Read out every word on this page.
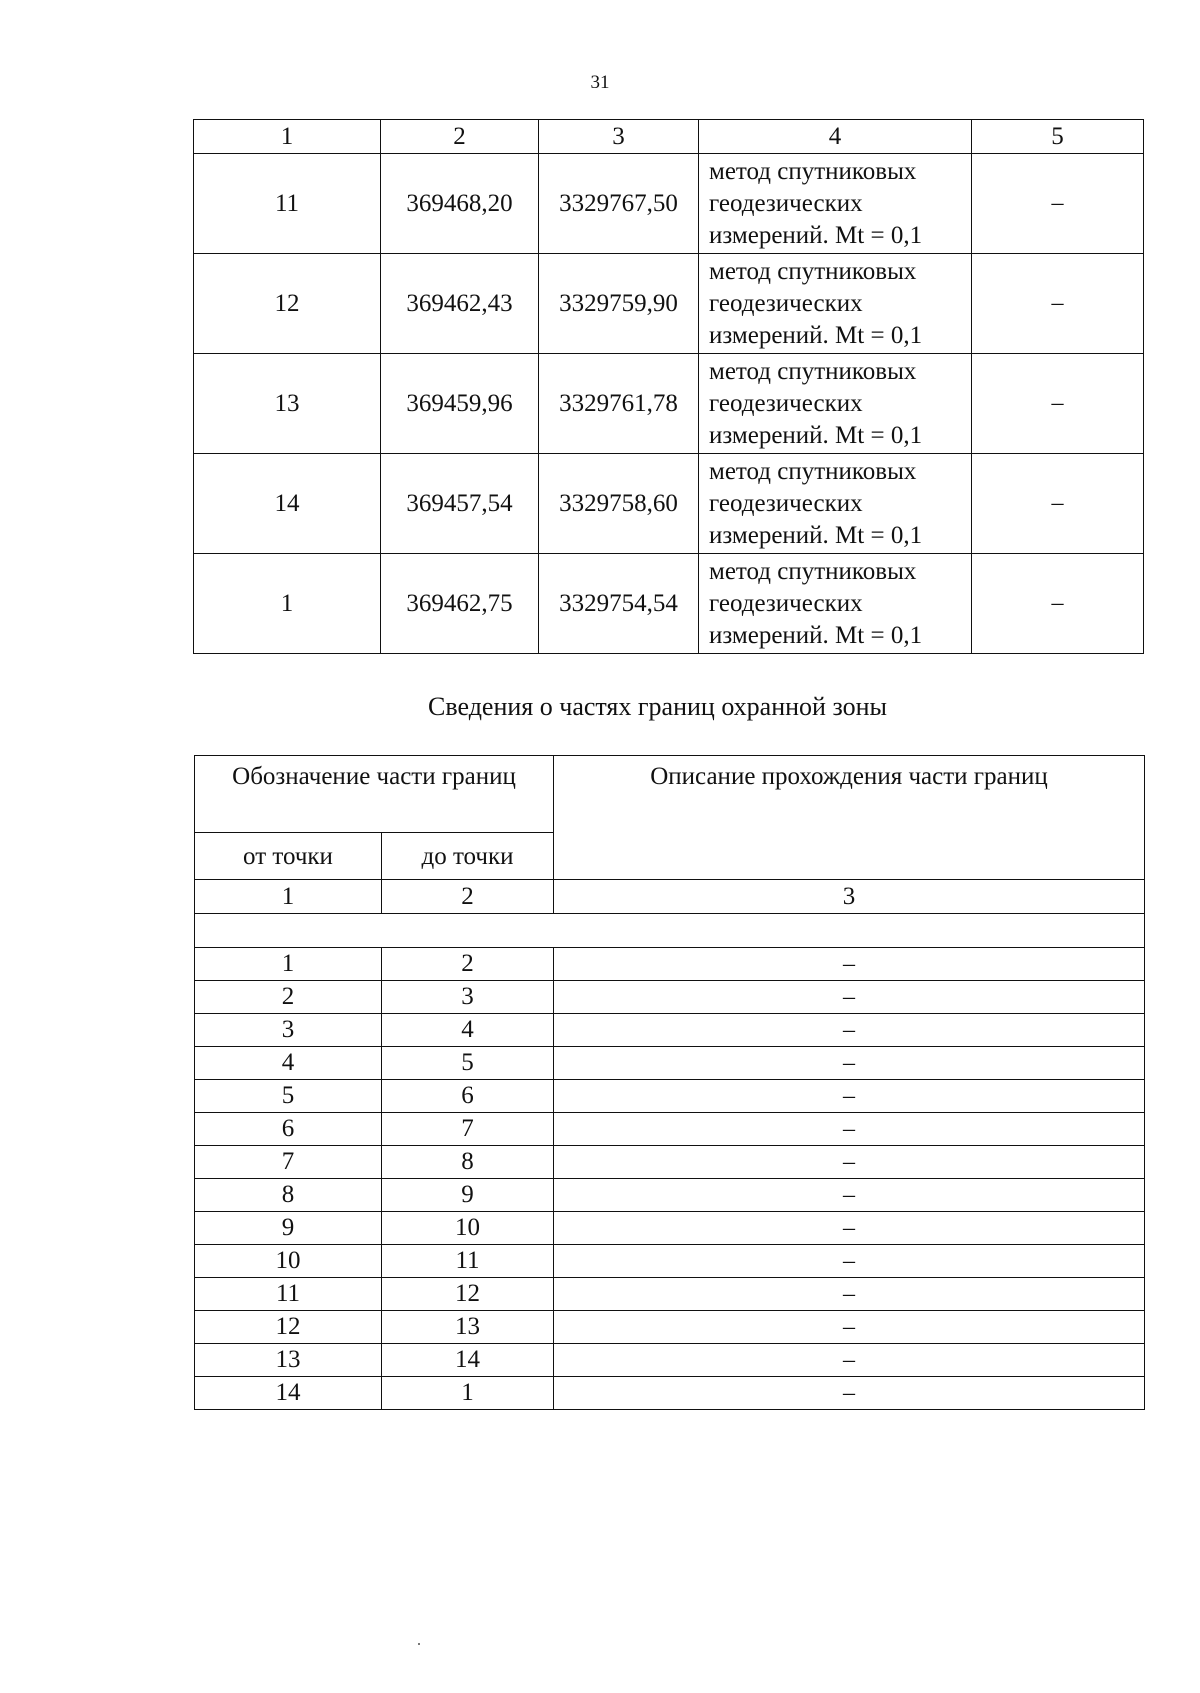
31
1	2	3	4	5
11	369468,20	3329767,50	метод спутниковых
геодезических
измерений. Mt = 0,1	–
12	369462,43	3329759,90	метод спутниковых
геодезических
измерений. Mt = 0,1	–
13	369459,96	3329761,78	метод спутниковых
геодезических
измерений. Mt = 0,1	–
14	369457,54	3329758,60	метод спутниковых
геодезических
измерений. Mt = 0,1	–
1	369462,75	3329754,54	метод спутниковых
геодезических
измерений. Mt = 0,1	–
Сведения о частях границ охранной зоны
Обозначение части границ		Описание прохождения части границ
от точки	до точки	
1	2	3

1	2	–
2	3	–
3	4	–
4	5	–
5	6	–
6	7	–
7	8	–
8	9	–
9	10	–
10	11	–
11	12	–
12	13	–
13	14	–
14	1	–
